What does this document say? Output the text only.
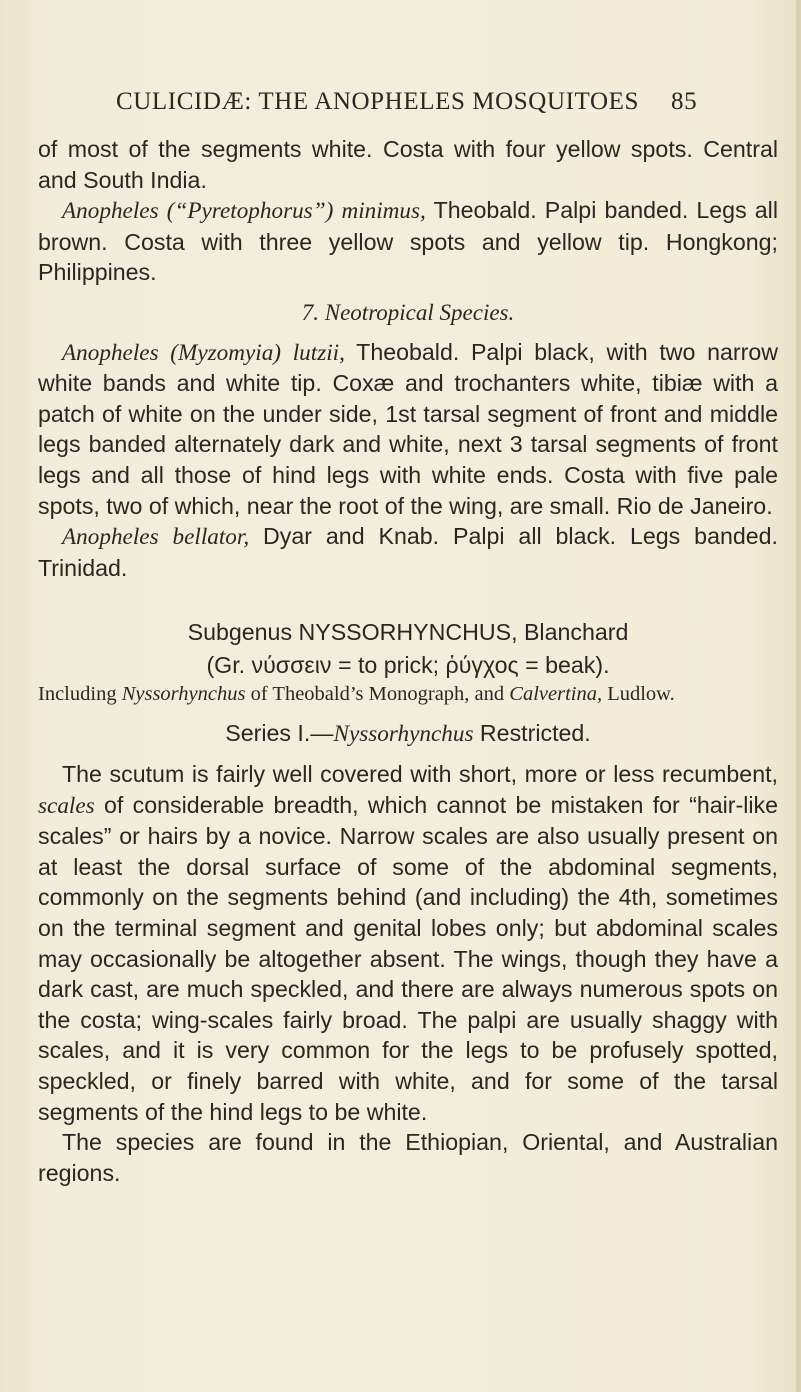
CULICIDÆ: THE ANOPHELES MOSQUITOES 85

of most of the segments white. Costa with four yellow spots. Central and South India.

Anopheles (“Pyretophorus”) minimus, Theobald. Palpi banded. Legs all brown. Costa with three yellow spots and yellow tip. Hongkong; Philippines.

7. Neotropical Species.

Anopheles (Myzomyia) lutzii, Theobald. Palpi black, with two narrow white bands and white tip. Coxæ and trochanters white, tibiæ with a patch of white on the under side, 1st tarsal segment of front and middle legs banded alternately dark and white, next 3 tarsal segments of front legs and all those of hind legs with white ends. Costa with five pale spots, two of which, near the root of the wing, are small. Rio de Janeiro.

Anopheles bellator, Dyar and Knab. Palpi all black. Legs banded. Trinidad.

Subgenus NYSSORHYNCHUS, Blanchard

(Gr. νύσσειν = to prick; ῥύγχος = beak).

Including Nyssorhynchus of Theobald’s Monograph, and Calvertina, Ludlow.

Series I.—Nyssorhynchus Restricted.

The scutum is fairly well covered with short, more or less recumbent, scales of considerable breadth, which cannot be mistaken for “hair-like scales” or hairs by a novice. Narrow scales are also usually present on at least the dorsal surface of some of the abdominal segments, commonly on the segments behind (and including) the 4th, sometimes on the terminal segment and genital lobes only; but abdominal scales may occasionally be altogether absent. The wings, though they have a dark cast, are much speckled, and there are always numerous spots on the costa; wing-scales fairly broad. The palpi are usually shaggy with scales, and it is very common for the legs to be profusely spotted, speckled, or finely barred with white, and for some of the tarsal segments of the hind legs to be white.

The species are found in the Ethiopian, Oriental, and Australian regions.
